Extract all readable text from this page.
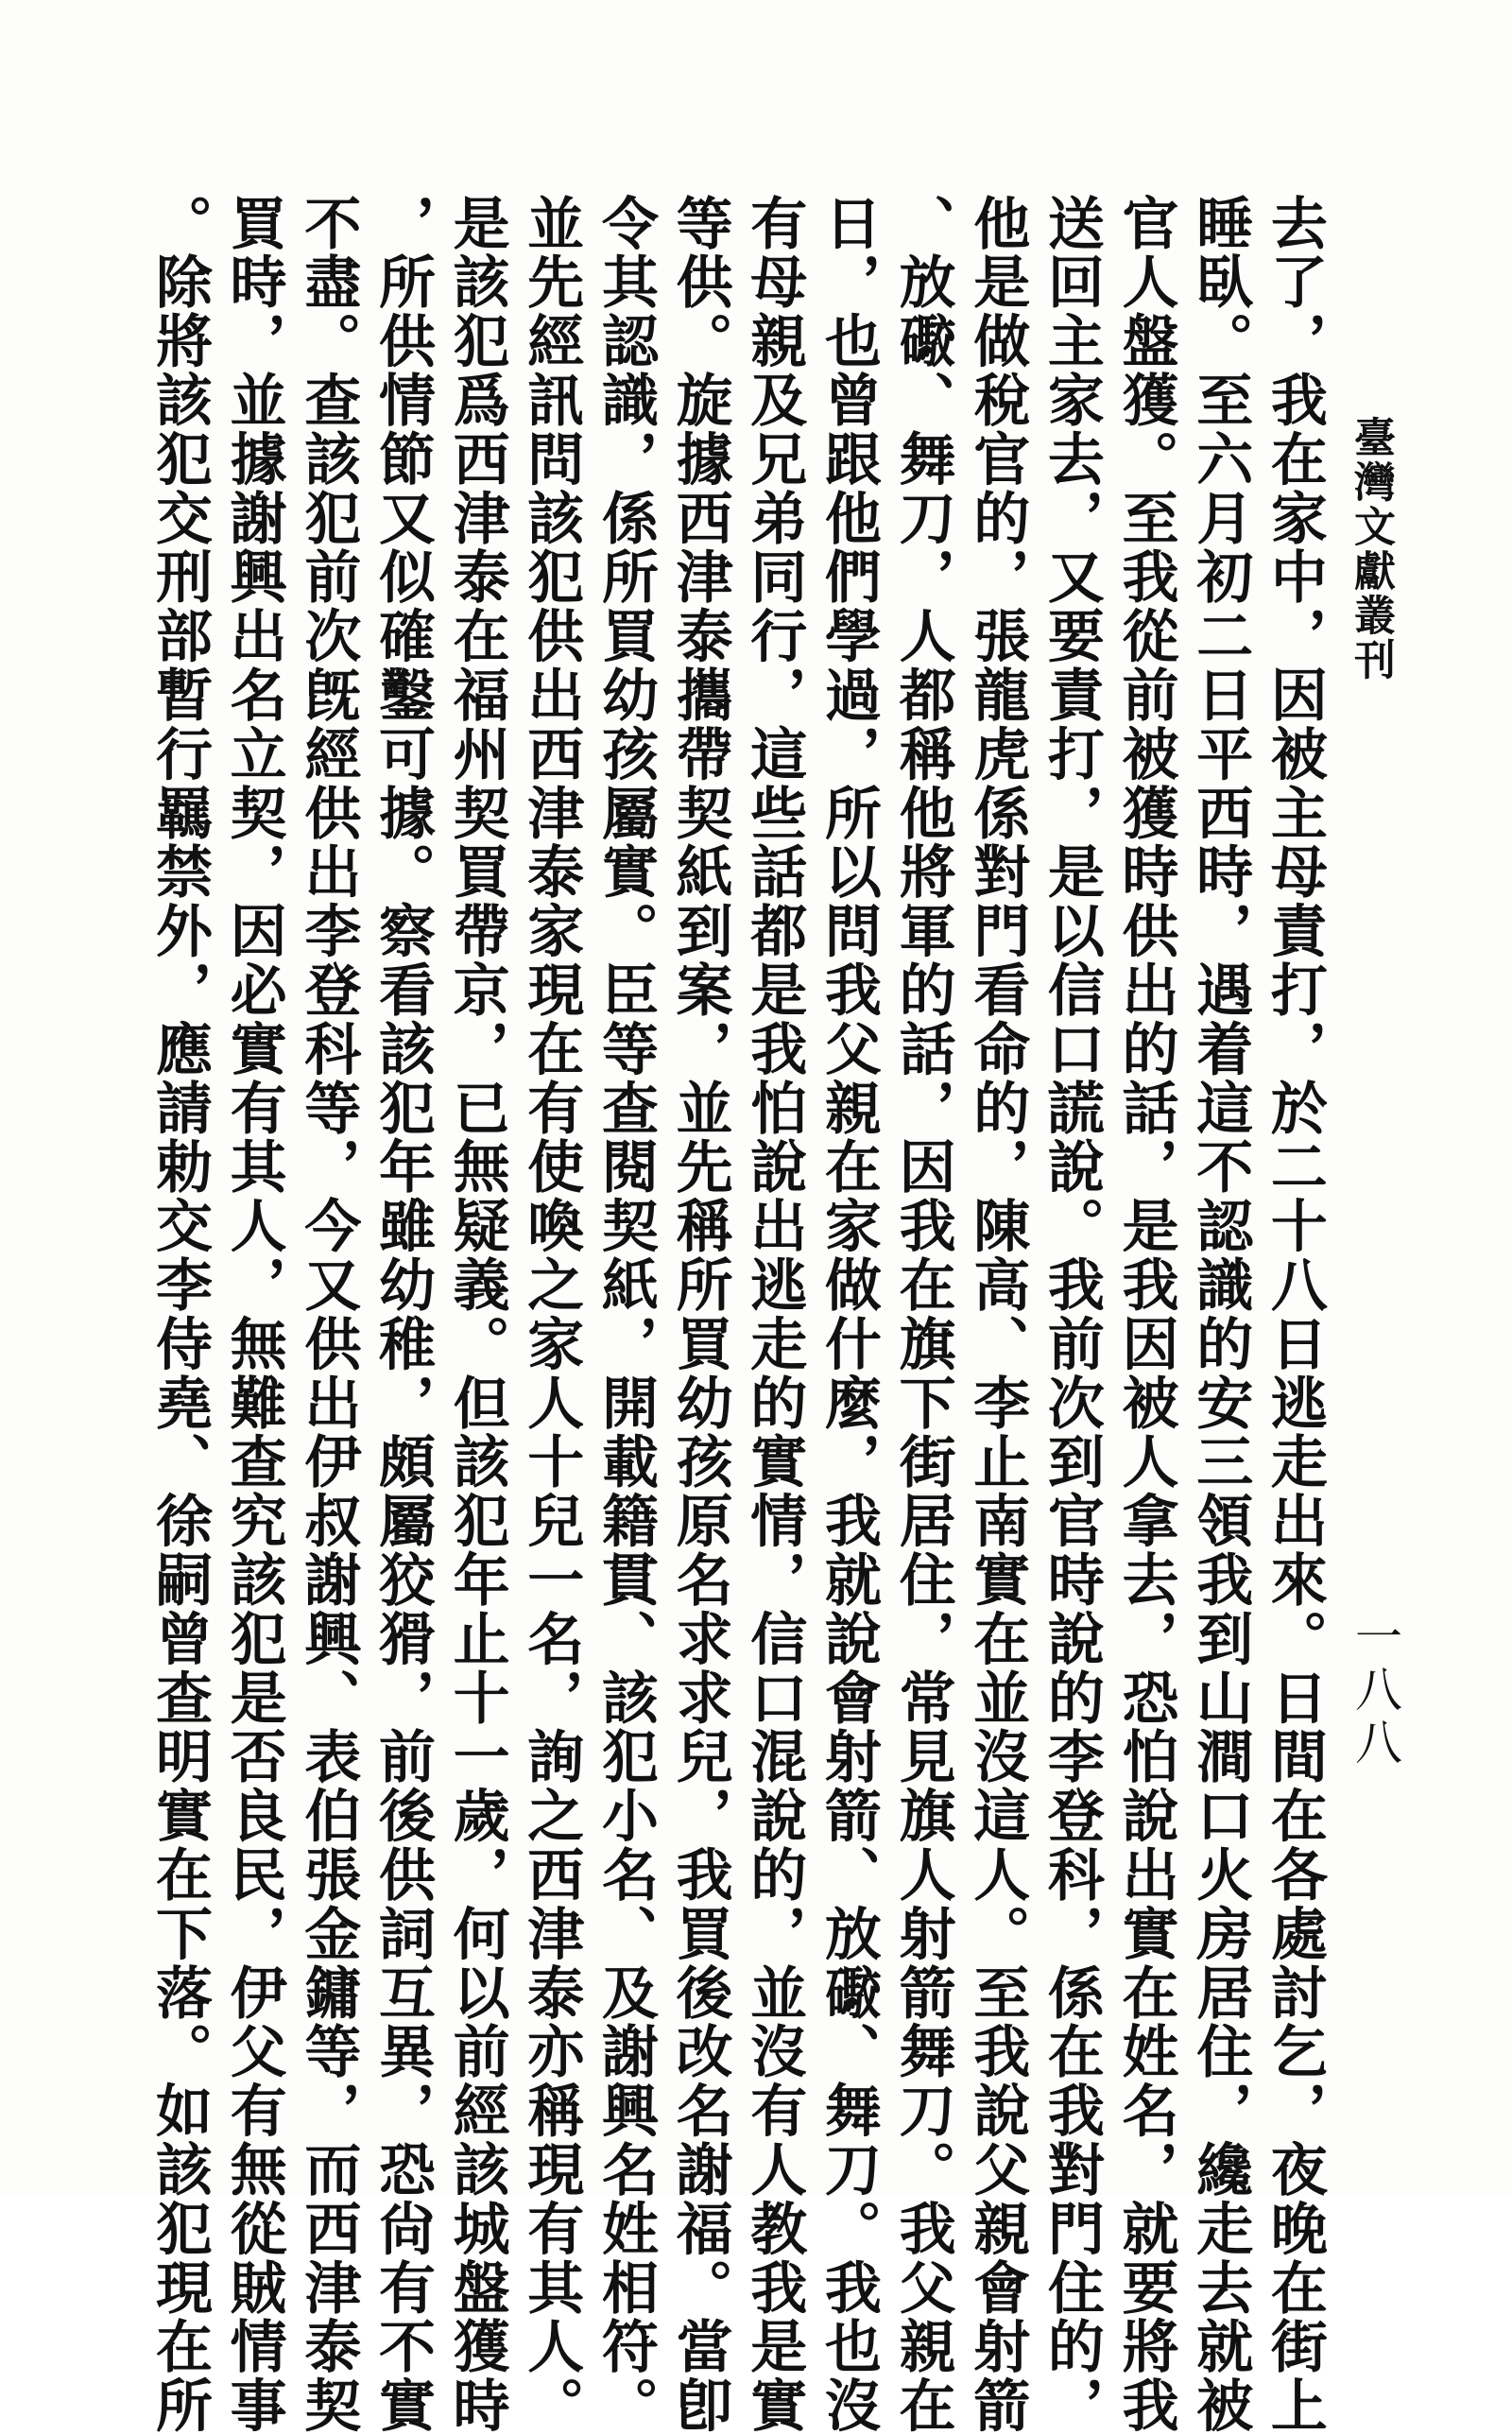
臺灣文獻叢刊
一八八
去了，我在家中，因被主母責打，於二十八日逃走出來。日間在各處討乞，夜晚在街上
睡臥。至六月初二日平西時，遇着這不認識的安三領我到山澗口火房居住，纔走去就被
官人盤獲。至我從前被獲時供出的話，是我因被人拿去，恐怕說出實在姓名，就要將我
送回主家去，又要責打，是以信口謊說。我前次到官時說的李登科，係在我對門住的，
他是做稅官的，張龍虎係對門看命的，陳高、李止南實在並沒這人。至我說父親會射箭
、放礮、舞刀，人都稱他將軍的話，因我在旗下街居住，常見旗人射箭舞刀。我父親在
日，也曾跟他們學過，所以問我父親在家做什麼，我就說會射箭、放礮、舞刀。我也沒
有母親及兄弟同行，這些話都是我怕說出逃走的實情，信口混說的，並沒有人教我是實
等供。旋據西津泰攜帶契紙到案，並先稱所買幼孩原名求求兒，我買後改名謝福。當卽
令其認識，係所買幼孩屬實。臣等查閱契紙，開載籍貫、該犯小名、及謝興名姓相符。
並先經訊問該犯供出西津泰家現在有使喚之家人十兒一名，詢之西津泰亦稱現有其人。
是該犯爲西津泰在福州契買帶京，已無疑義。但該犯年止十一歲，何以前經該城盤獲時
，所供情節又似確鑿可據。察看該犯年雖幼稚，頗屬狡猾，前後供詞互異，恐尙有不實
不盡。查該犯前次旣經供出李登科等，今又供出伊叔謝興、表伯張金鏞等，而西津泰契
買時，並據謝興出名立契，因必實有其人，無難查究該犯是否良民，伊父有無從賊情事
。除將該犯交刑部暫行羈禁外，應請勅交李侍堯、徐嗣曾查明實在下落。如該犯現在所
